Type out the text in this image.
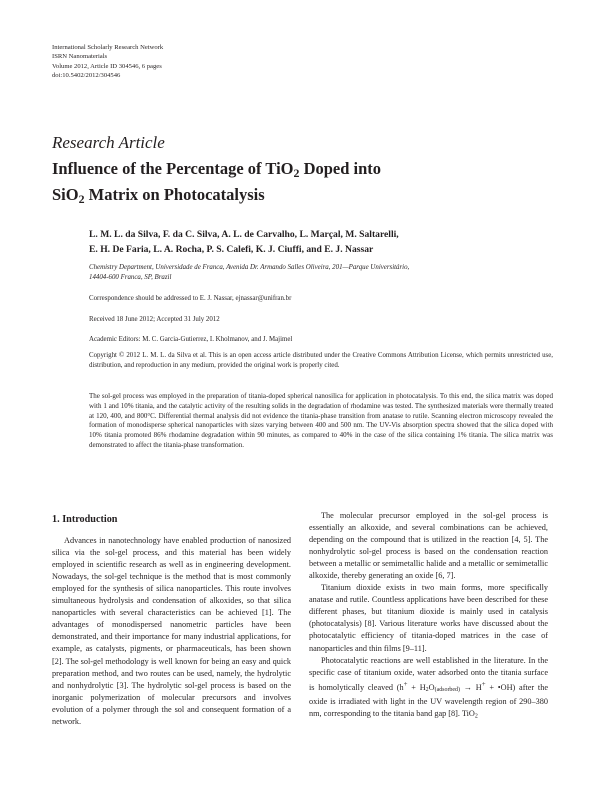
International Scholarly Research Network
ISRN Nanomaterials
Volume 2012, Article ID 304546, 6 pages
doi:10.5402/2012/304546
Research Article
Influence of the Percentage of TiO$_2$ Doped into
SiO$_2$ Matrix on Photocatalysis
L. M. L. da Silva, F. da C. Silva, A. L. de Carvalho, L. Marçal, M. Saltarelli,
E. H. De Faria, L. A. Rocha, P. S. Calefi, K. J. Ciuffi, and E. J. Nassar
Chemistry Department, Universidade de Franca, Avenida Dr. Armando Salles Oliveira, 201—Parque Universitário,
14404-600 Franca, SP, Brazil
Correspondence should be addressed to E. J. Nassar, ejnassar@unifran.br
Received 18 June 2012; Accepted 31 July 2012
Academic Editors: M. C. Garcia-Gutierrez, I. Kholmanov, and J. Majimel
Copyright © 2012 L. M. L. da Silva et al. This is an open access article distributed under the Creative Commons Attribution License, which permits unrestricted use, distribution, and reproduction in any medium, provided the original work is properly cited.
The sol-gel process was employed in the preparation of titania-doped spherical nanosilica for application in photocatalysis. To this end, the silica matrix was doped with 1 and 10% titania, and the catalytic activity of the resulting solids in the degradation of rhodamine was tested. The synthesized materials were thermally treated at 120, 400, and 800°C. Differential thermal analysis did not evidence the titania-phase transition from anatase to rutile. Scanning electron microscopy revealed the formation of monodisperse spherical nanoparticles with sizes varying between 400 and 500 nm. The UV-Vis absorption spectra showed that the silica doped with 10% titania promoted 86% rhodamine degradation within 90 minutes, as compared to 40% in the case of the silica containing 1% titania. The silica matrix was demonstrated to affect the titania-phase transformation.
1. Introduction

Advances in nanotechnology have enabled production of nanosized silica via the sol-gel process, and this material has been widely employed in scientific research as well as in engineering development. Nowadays, the sol-gel technique is the method that is most commonly employed for the synthesis of silica nanoparticles. This route involves simultaneous hydrolysis and condensation of alkoxides, so that silica nanoparticles with several characteristics can be achieved [1]. The advantages of monodispersed nanometric particles have been demonstrated, and their importance for many industrial applications, for example, as catalysts, pigments, or pharmaceuticals, has been shown [2]. The sol-gel methodology is well known for being an easy and quick preparation method, and two routes can be used, namely, the hydrolytic and nonhydrolytic [3]. The hydrolytic sol-gel process is based on the inorganic polymerization of molecular precursors and involves evolution of a polymer through the sol and consequent formation of a network.

The molecular precursor employed in the sol-gel process is essentially an alkoxide, and several combinations can be achieved, depending on the compound that is utilized in the reaction [4, 5]. The nonhydrolytic sol-gel process is based on the condensation reaction between a metallic or semimetallic halide and a metallic or semimetallic alkoxide, thereby generating an oxide [6, 7].

Titanium dioxide exists in two main forms, more specifically anatase and rutile. Countless applications have been described for these different phases, but titanium dioxide is mainly used in catalysis (photocatalysis) [8]. Various literature works have discussed about the photocatalytic efficiency of titania-doped matrices in the case of nanoparticles and thin films [9–11].

Photocatalytic reactions are well established in the literature. In the specific case of titanium oxide, water adsorbed onto the titania surface is homolytically cleaved ($h^+ + H_2O_{(adsorbed)} \to H^+$ + •OH) after the oxide is irradiated with light in the UV wavelength region of 290–380 nm, corresponding to the titania band gap [8]. TiO$_2$
